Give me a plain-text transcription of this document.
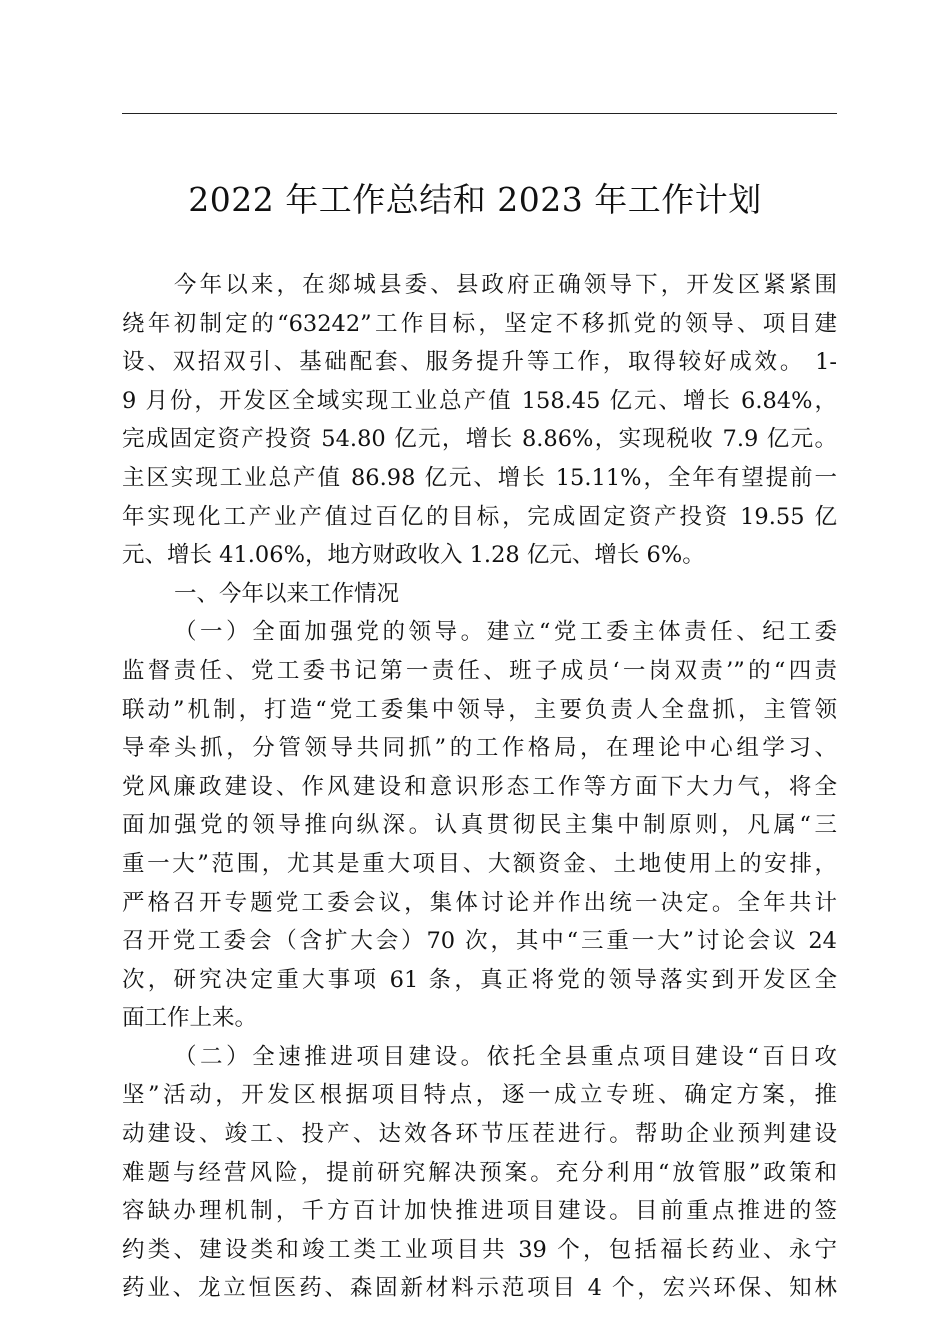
2022 年工作总结和 2023 年工作计划
今年以来，在郯城县委、县政府正确领导下，开发区紧紧围
绕年初制定的“63242”工作目标，坚定不移抓党的领导、项目建
设、双招双引、基础配套、服务提升等工作，取得较好成效。 1-
9 月份，开发区全域实现工业总产值 158.45 亿元、增长 6.84%，
完成固定资产投资 54.80 亿元，增长 8.86%，实现税收 7.9 亿元。
主区实现工业总产值 86.98 亿元、增长 15.11%，全年有望提前一
年实现化工产业产值过百亿的目标，完成固定资产投资 19.55 亿
元、增长 41.06%，地方财政收入 1.28 亿元、增长 6%。
一、今年以来工作情况
（一）全面加强党的领导。建立“党工委主体责任、纪工委
监督责任、党工委书记第一责任、班子成员‘一岗双责’”的“四责
联动”机制，打造“党工委集中领导，主要负责人全盘抓，主管领
导牵头抓，分管领导共同抓”的工作格局，在理论中心组学习、
党风廉政建设、作风建设和意识形态工作等方面下大力气，将全
面加强党的领导推向纵深。认真贯彻民主集中制原则，凡属“三
重一大”范围，尤其是重大项目、大额资金、土地使用上的安排，
严格召开专题党工委会议，集体讨论并作出统一决定。全年共计
召开党工委会（含扩大会）70 次，其中“三重一大”讨论会议 24
次，研究决定重大事项 61 条，真正将党的领导落实到开发区全
面工作上来。
（二）全速推进项目建设。依托全县重点项目建设“百日攻
坚”活动，开发区根据项目特点，逐一成立专班、确定方案，推
动建设、竣工、投产、达效各环节压茬进行。帮助企业预判建设
难题与经营风险，提前研究解决预案。充分利用“放管服”政策和
容缺办理机制，千方百计加快推进项目建设。目前重点推进的签
约类、建设类和竣工类工业项目共 39 个，包括福长药业、永宁
药业、龙立恒医药、森固新材料示范项目 4 个，宏兴环保、知林
